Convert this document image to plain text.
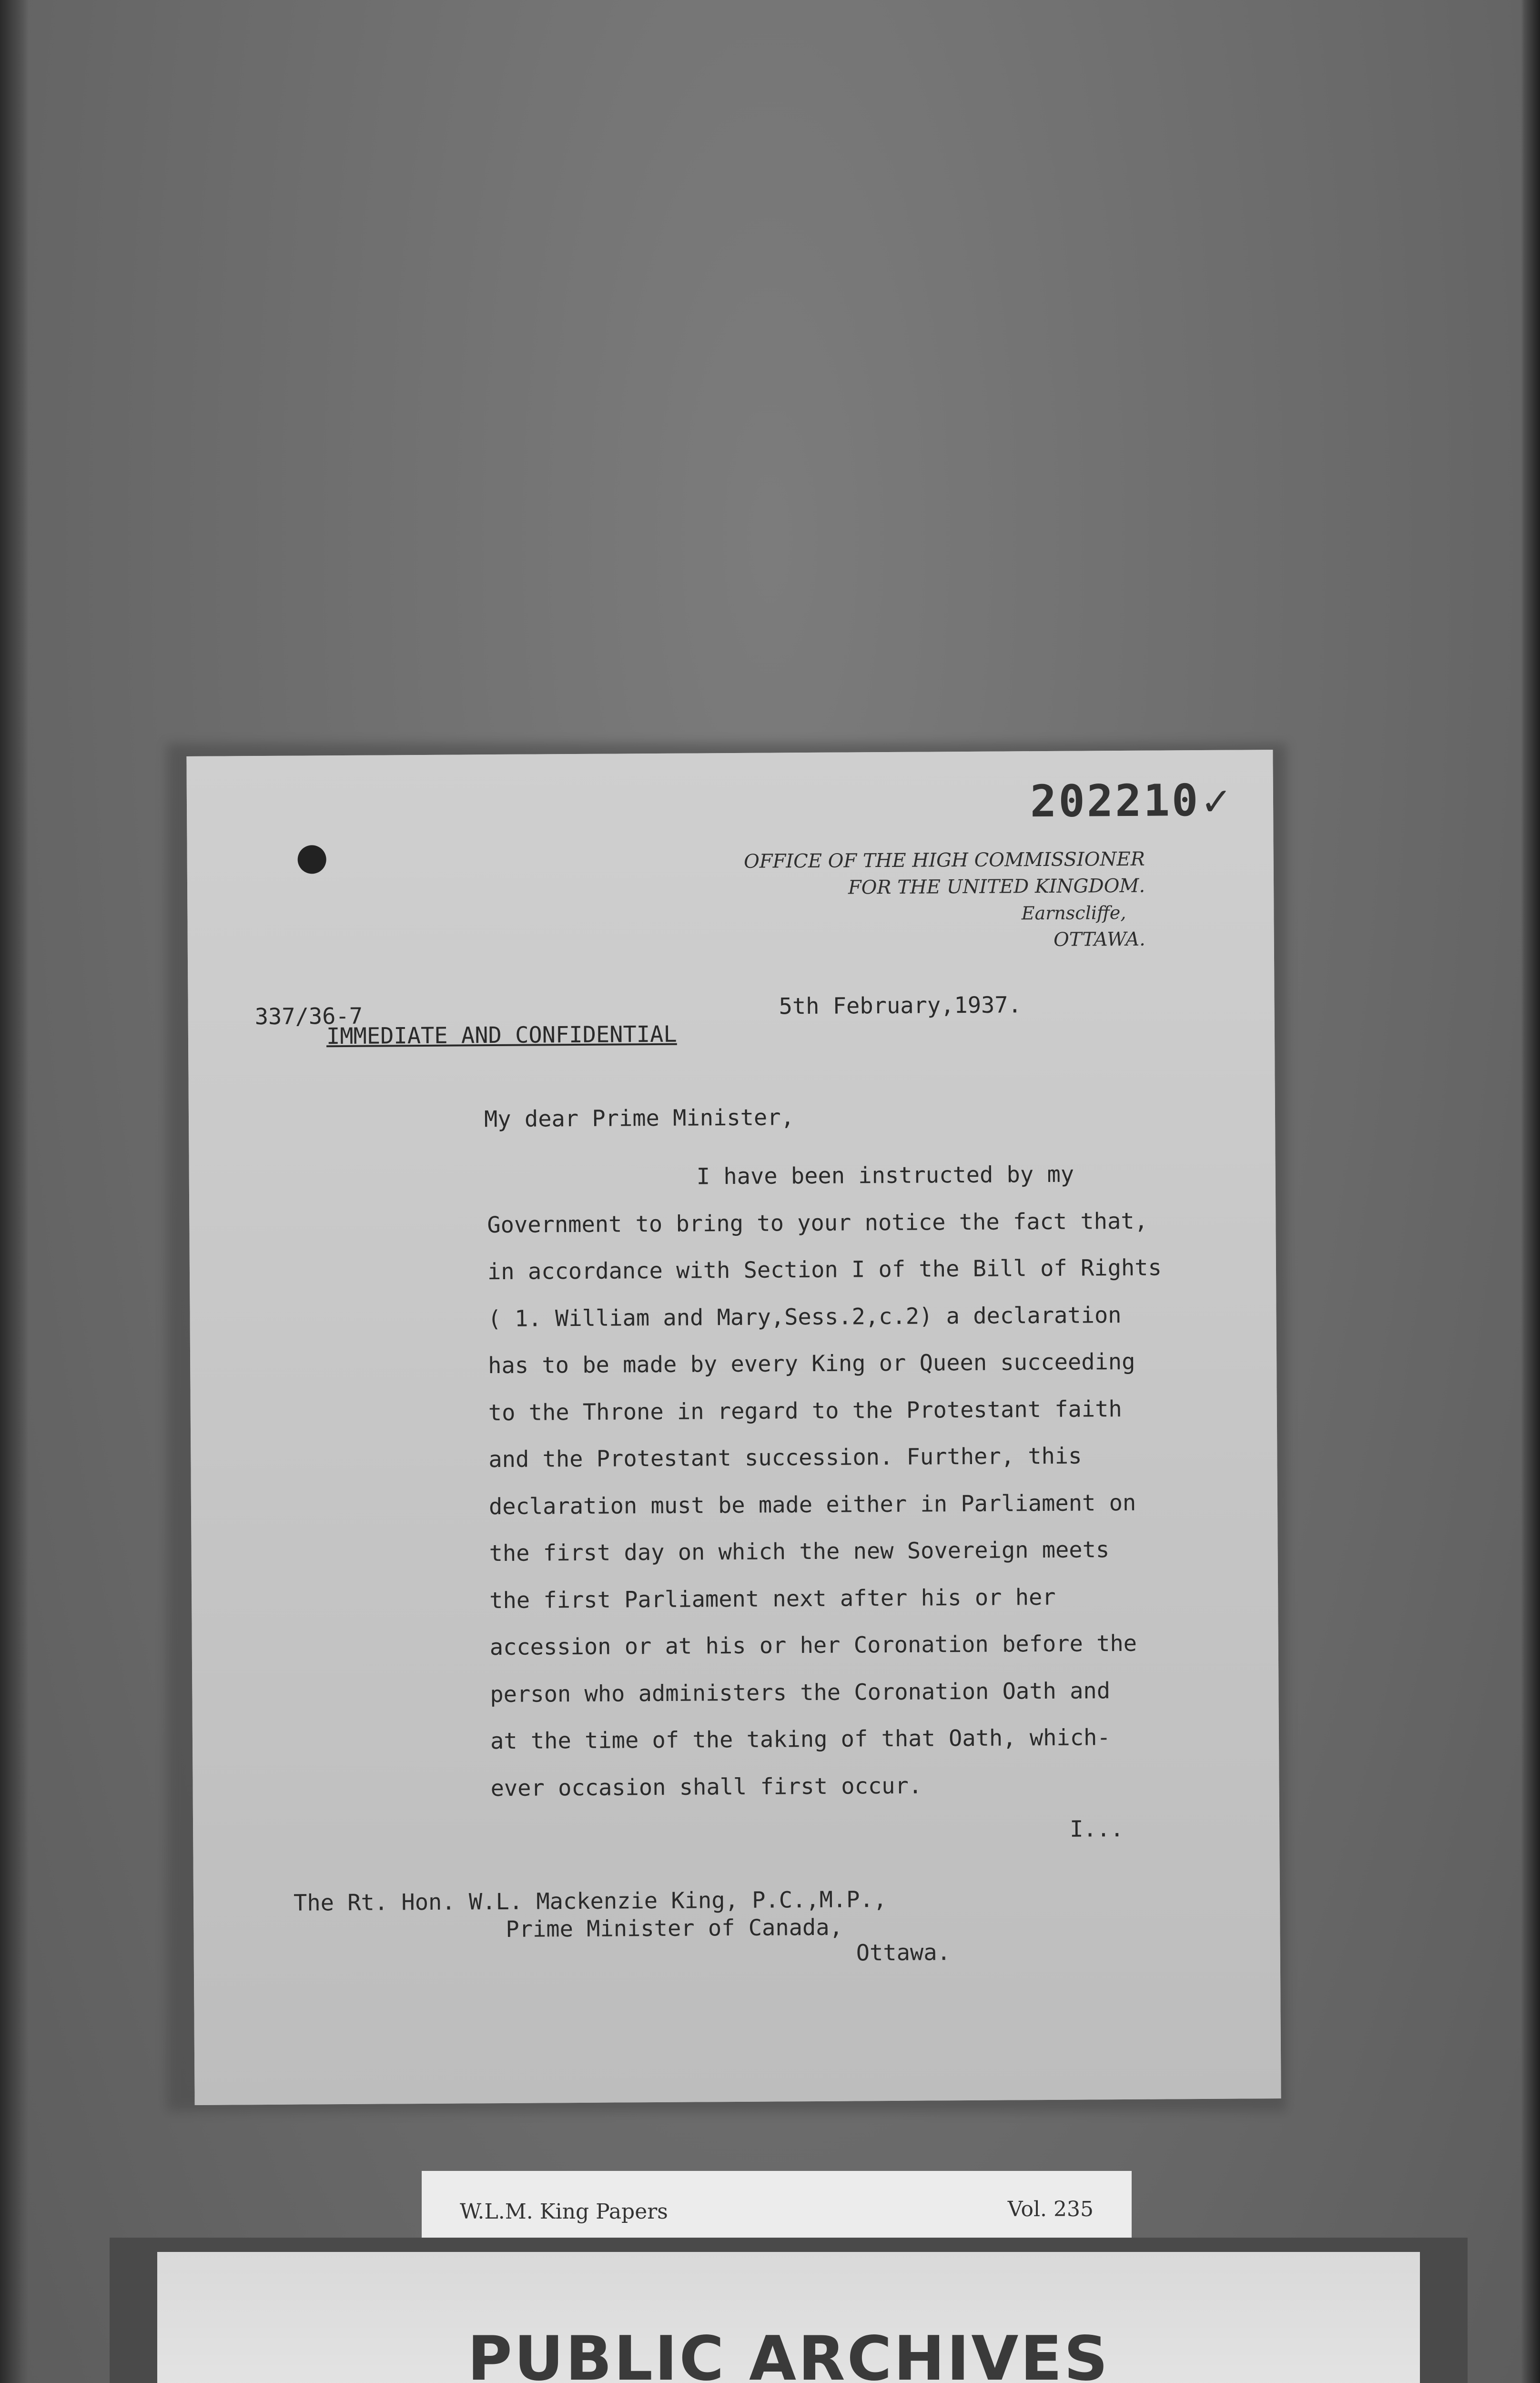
202210✓
OFFICE OF THE HIGH COMMISSIONER
FOR THE UNITED KINGDOM.
Earnscliffe,
OTTAWA.
337/36-7
IMMEDIATE AND CONFIDENTIAL
5th February,1937.
My dear Prime Minister,
I have been instructed by my
Government to bring to your notice the fact that,
in accordance with Section I of the Bill of Rights
( 1. William and Mary,Sess.2,c.2) a declaration
has to be made by every King or Queen succeeding
to the Throne in regard to the Protestant faith
and the Protestant succession. Further, this
declaration must be made either in Parliament on
the first day on which the new Sovereign meets
the first Parliament next after his or her
accession or at his or her Coronation before the
person who administers the Coronation Oath and
at the time of the taking of that Oath, which-
ever occasion shall first occur.
I...
The Rt. Hon. W.L. Mackenzie King, P.C.,M.P.,
Prime Minister of Canada,
Ottawa.
W.L.M. King Papers	Vol. 235
PUBLIC ARCHIVES
